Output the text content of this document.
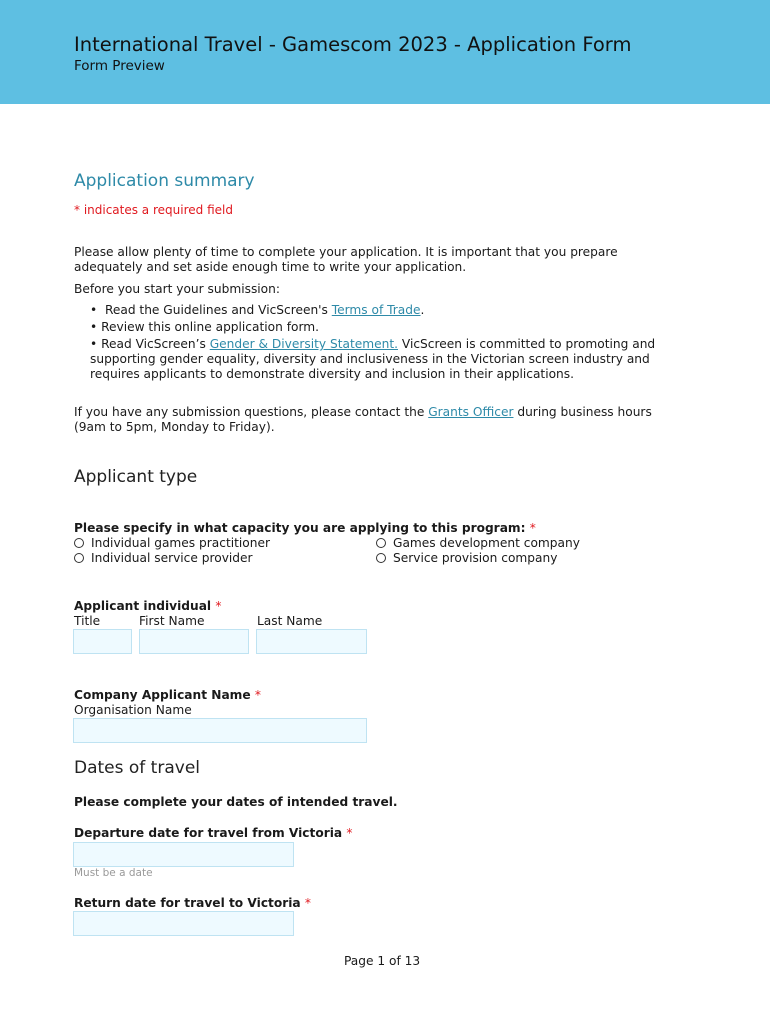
International Travel - Gamescom 2023 - Application Form
Form Preview
Application summary
* indicates a required field
Please allow plenty of time to complete your application. It is important that you prepare adequately and set aside enough time to write your application.
Before you start your submission:
•  Read the Guidelines and VicScreen's Terms of Trade.
• Review this online application form.
• Read VicScreen’s Gender & Diversity Statement. VicScreen is committed to promoting and supporting gender equality, diversity and inclusiveness in the Victorian screen industry and requires applicants to demonstrate diversity and inclusion in their applications.
If you have any submission questions, please contact the Grants Officer during business hours (9am to 5pm, Monday to Friday).
Applicant type
Please specify in what capacity you are applying to this program: *
Individual games practitioner
Individual service provider
Games development company
Service provision company
Applicant individual *
Title	First Name	Last Name
Company Applicant Name *
Organisation Name
Dates of travel
Please complete your dates of intended travel.
Departure date for travel from Victoria *
Must be a date
Return date for travel to Victoria *
Page 1 of 13
